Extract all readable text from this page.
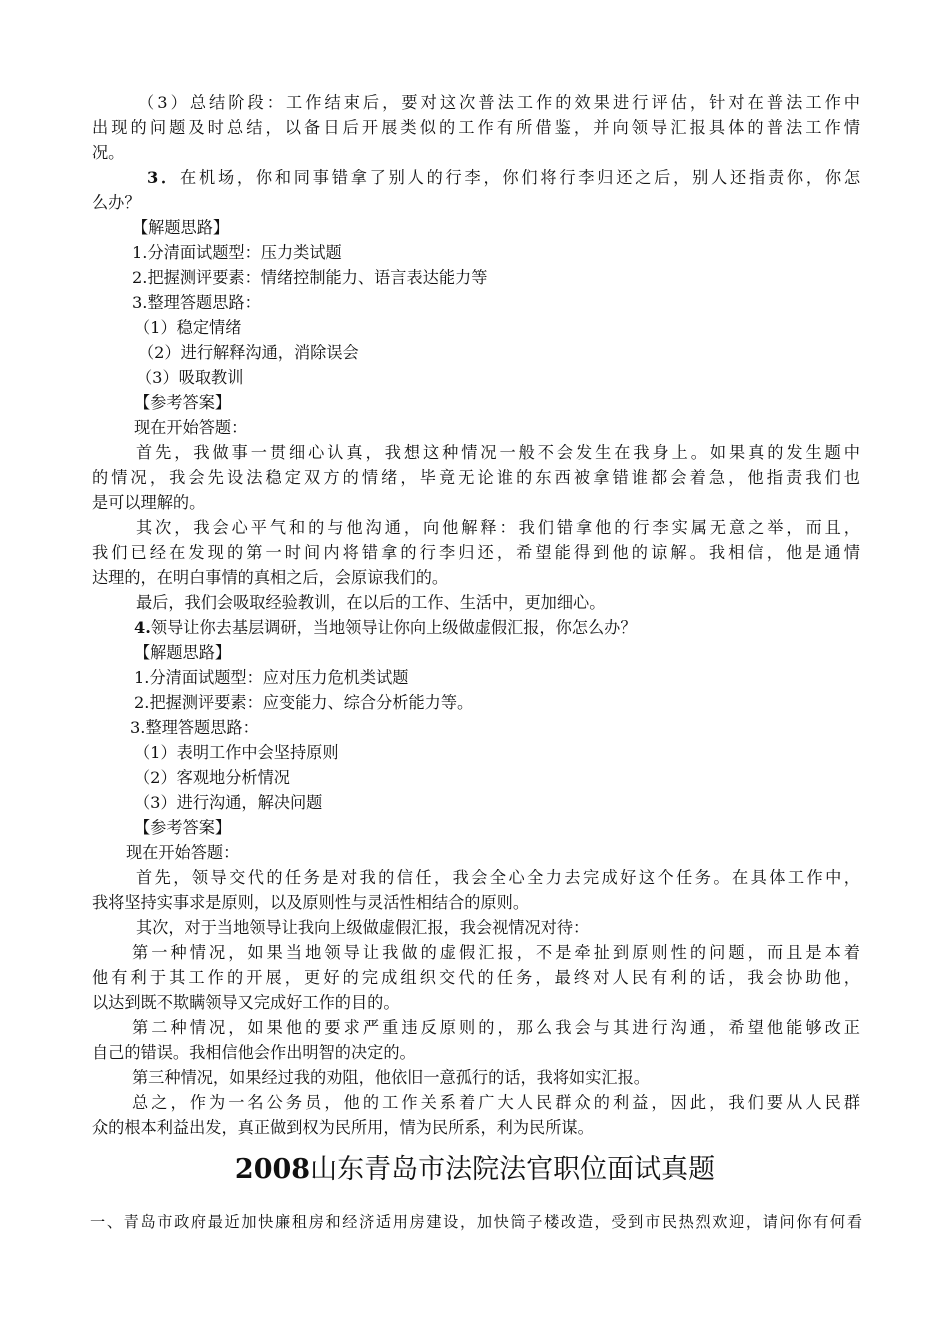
（3）总结阶段：工作结束后，要对这次普法工作的效果进行评估，针对在普法工作中
出现的问题及时总结，以备日后开展类似的工作有所借鉴，并向领导汇报具体的普法工作情
况。
3．在机场，你和同事错拿了别人的行李，你们将行李归还之后，别人还指责你，你怎
么办？
【解题思路】
1.分清面试题型：压力类试题
2.把握测评要素：情绪控制能力、语言表达能力等
3.整理答题思路：
（1）稳定情绪
（2）进行解释沟通，消除误会
（3）吸取教训
【参考答案】
现在开始答题：
首先，我做事一贯细心认真，我想这种情况一般不会发生在我身上。如果真的发生题中
的情况，我会先设法稳定双方的情绪，毕竟无论谁的东西被拿错谁都会着急，他指责我们也
是可以理解的。
其次，我会心平气和的与他沟通，向他解释：我们错拿他的行李实属无意之举，而且，
我们已经在发现的第一时间内将错拿的行李归还，希望能得到他的谅解。我相信，他是通情
达理的，在明白事情的真相之后，会原谅我们的。
最后，我们会吸取经验教训，在以后的工作、生活中，更加细心。
4.领导让你去基层调研，当地领导让你向上级做虚假汇报，你怎么办？
【解题思路】
1.分清面试题型：应对压力危机类试题
2.把握测评要素：应变能力、综合分析能力等。
3.整理答题思路：
（1）表明工作中会坚持原则
（2）客观地分析情况
（3）进行沟通，解决问题
【参考答案】
现在开始答题：
首先，领导交代的任务是对我的信任，我会全心全力去完成好这个任务。在具体工作中，
我将坚持实事求是原则，以及原则性与灵活性相结合的原则。
其次，对于当地领导让我向上级做虚假汇报，我会视情况对待：
第一种情况，如果当地领导让我做的虚假汇报，不是牵扯到原则性的问题，而且是本着
他有利于其工作的开展，更好的完成组织交代的任务，最终对人民有利的话，我会协助他，
以达到既不欺瞒领导又完成好工作的目的。
第二种情况，如果他的要求严重违反原则的，那么我会与其进行沟通，希望他能够改正
自己的错误。我相信他会作出明智的决定的。
第三种情况，如果经过我的劝阻，他依旧一意孤行的话，我将如实汇报。
总之，作为一名公务员，他的工作关系着广大人民群众的利益，因此，我们要从人民群
众的根本利益出发，真正做到权为民所用，情为民所系，利为民所谋。
2008山东青岛市法院法官职位面试真题
一、青岛市政府最近加快廉租房和经济适用房建设，加快筒子楼改造，受到市民热烈欢迎，请问你有何看
